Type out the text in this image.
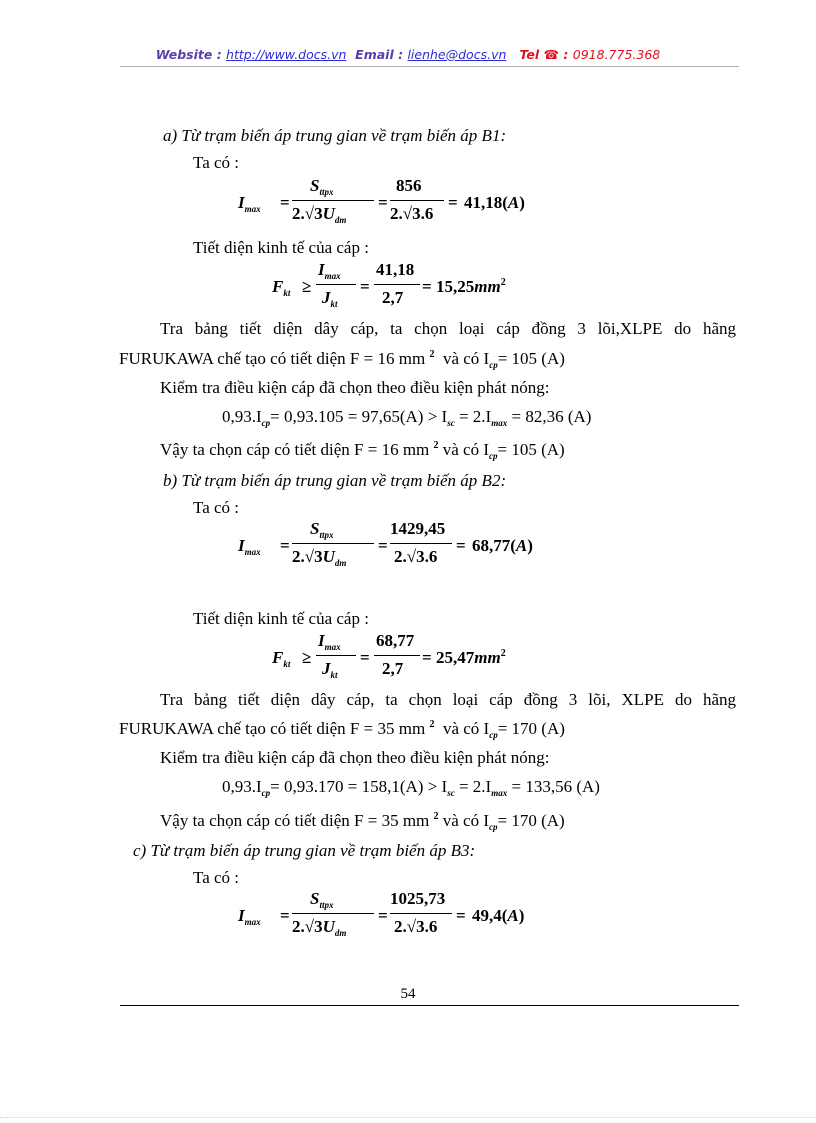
Website : http://www.docs.vn Email : lienhe@docs.vn Tel ☎ : 0918.775.368
a) Từ trạm biến áp trung gian về trạm biến áp B1:
Ta có :
$I_{max}$ =
$S_{ttpx}$
$2.√3U_{dm}$
=
856
2.√3.6
= 41,18(A)
Tiết diện kinh tế của cáp :
$F_{kt}$ ≥
$I_{max}$
$J_{kt}$
=
41,18
2,7
= $15,25mm^2$
Tra bảng tiết diện dây cáp, ta chọn loại cáp đồng 3 lõi,XLPE do hãng
FURUKAWA chế tạo có tiết diện F = 16 mm $^2$ và có $I_{cp}= 105$ (A)
Kiểm tra điều kiện cáp đã chọn theo điều kiện phát nóng:
$0,93.I_{cp}= 0,93.105 = 97,65(A) > I_{sc} = 2.I_{max} = 82,36$ (A)
Vậy ta chọn cáp có tiết diện F = 16 mm $^2$ và có $I_{cp}= 105$ (A)
b) Từ trạm biến áp trung gian về trạm biến áp B2:
Ta có :
$I_{max}$ =
$S_{ttpx}$
$2.√3U_{dm}$
=
1429,45
2.√3.6
= 68,77(A)
Tiết diện kinh tế của cáp :
$F_{kt}$ ≥
$I_{max}$
$J_{kt}$
=
68,77
2,7
= $25,47mm^2$
Tra bảng tiết diện dây cáp, ta chọn loại cáp đồng 3 lõi, XLPE do hãng
FURUKAWA chế tạo có tiết diện F = 35 mm $^2$ và có $I_{cp}= 170$ (A)
Kiểm tra điều kiện cáp đã chọn theo điều kiện phát nóng:
$0,93.I_{cp}= 0,93.170 = 158,1(A) > I_{sc} = 2.I_{max} = 133,56$ (A)
Vậy ta chọn cáp có tiết diện F = 35 mm $^2$ và có $I_{cp}= 170$ (A)
c) Từ trạm biến áp trung gian về trạm biến áp B3:
Ta có :
$I_{max}$ =
$S_{ttpx}$
$2.√3U_{dm}$
=
1025,73
2.√3.6
= 49,4(A)
54
